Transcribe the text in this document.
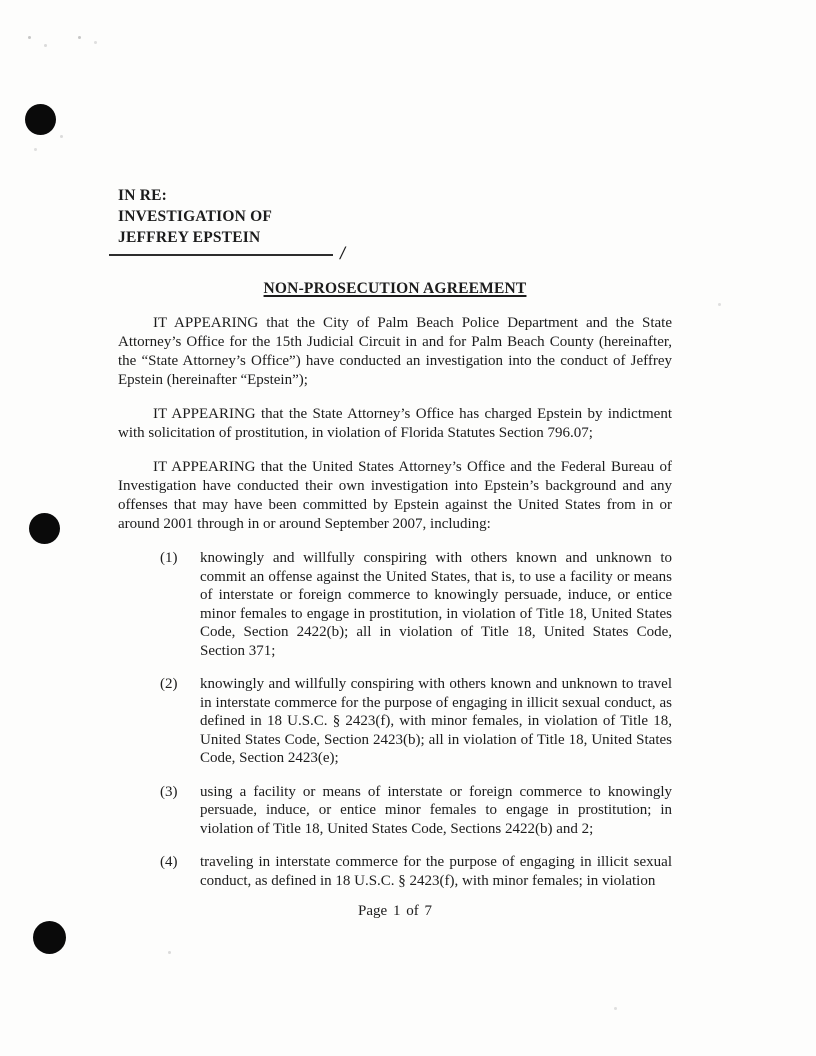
IN RE:
INVESTIGATION OF
JEFFREY EPSTEIN
/
NON-PROSECUTION AGREEMENT

IT APPEARING that the City of Palm Beach Police Department and the State Attorney’s Office for the 15th Judicial Circuit in and for Palm Beach County (hereinafter, the “State Attorney’s Office”) have conducted an investigation into the conduct of Jeffrey Epstein (hereinafter “Epstein”);

IT APPEARING that the State Attorney’s Office has charged Epstein by indictment with solicitation of prostitution, in violation of Florida Statutes Section 796.07;

IT APPEARING that the United States Attorney’s Office and the Federal Bureau of Investigation have conducted their own investigation into Epstein’s background and any offenses that may have been committed by Epstein against the United States from in or around 2001 through in or around September 2007, including:

(1)	knowingly and willfully conspiring with others known and unknown to commit an offense against the United States, that is, to use a facility or means of interstate or foreign commerce to knowingly persuade, induce, or entice minor females to engage in prostitution, in violation of Title 18, United States Code, Section 2422(b); all in violation of Title 18, United States Code, Section 371;
(2)	knowingly and willfully conspiring with others known and unknown to travel in interstate commerce for the purpose of engaging in illicit sexual conduct, as defined in 18 U.S.C. § 2423(f), with minor females, in violation of Title 18, United States Code, Section 2423(b); all in violation of Title 18, United States Code, Section 2423(e);
(3)	using a facility or means of interstate or foreign commerce to knowingly persuade, induce, or entice minor females to engage in prostitution; in violation of Title 18, United States Code, Sections 2422(b) and 2;
(4)	traveling in interstate commerce for the purpose of engaging in illicit sexual conduct, as defined in 18 U.S.C. § 2423(f), with minor females; in violation
Page 1 of 7
